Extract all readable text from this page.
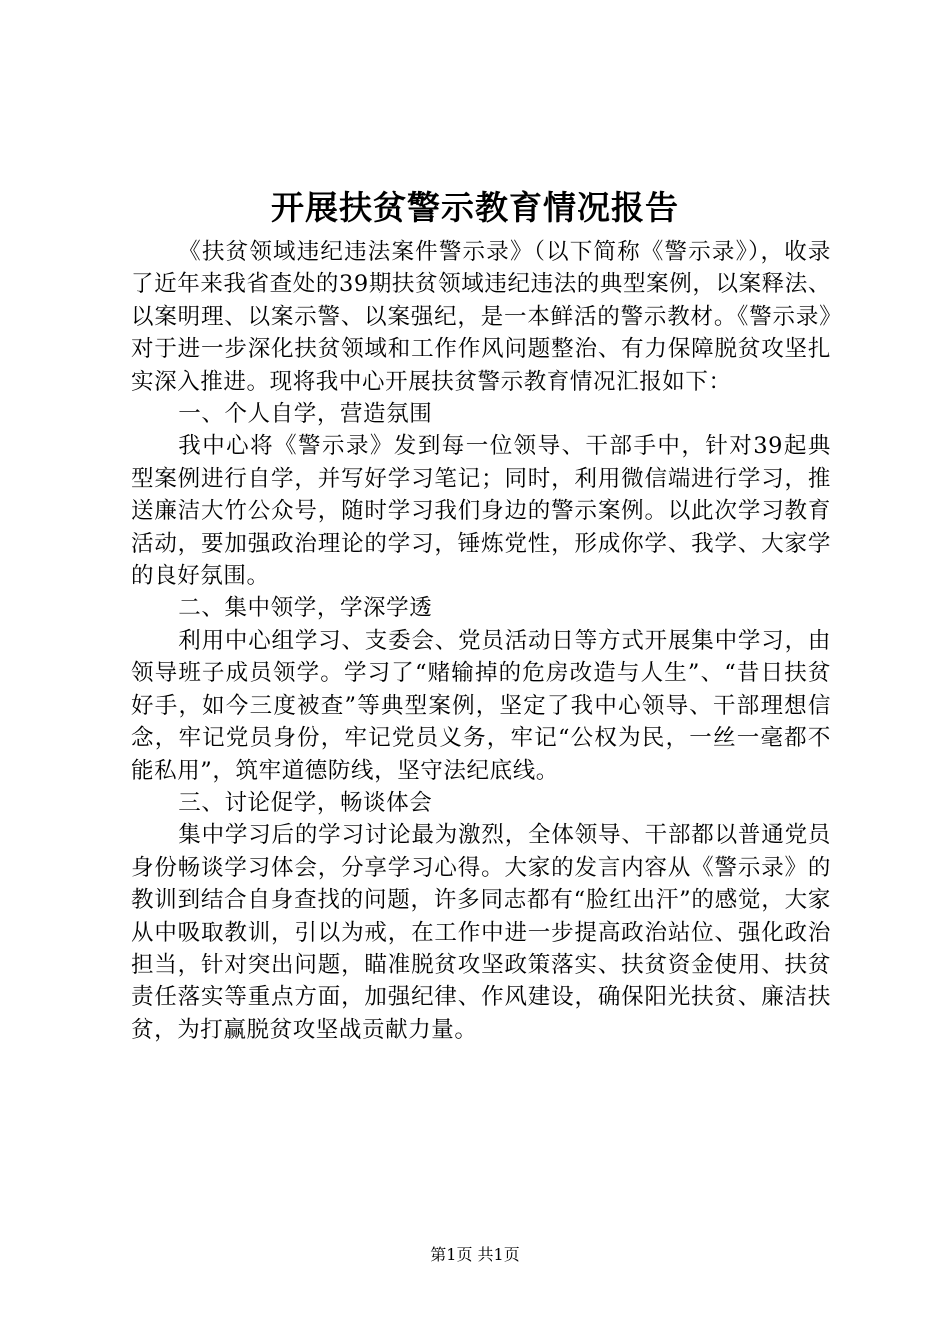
开展扶贫警示教育情况报告

《扶贫领域违纪违法案件警示录》（以下简称《警示录》），收录了近年来我省查处的39期扶贫领域违纪违法的典型案例，以案释法、以案明理、以案示警、以案强纪，是一本鲜活的警示教材。《警示录》对于进一步深化扶贫领域和工作作风问题整治、有力保障脱贫攻坚扎实深入推进。现将我中心开展扶贫警示教育情况汇报如下：

一、个人自学，营造氛围

我中心将《警示录》发到每一位领导、干部手中，针对39起典型案例进行自学，并写好学习笔记；同时，利用微信端进行学习，推送廉洁大竹公众号，随时学习我们身边的警示案例。以此次学习教育活动，要加强政治理论的学习，锤炼党性，形成你学、我学、大家学的良好氛围。

二、集中领学，学深学透

利用中心组学习、支委会、党员活动日等方式开展集中学习，由领导班子成员领学。学习了“赌输掉的危房改造与人生”、“昔日扶贫好手，如今三度被查”等典型案例，坚定了我中心领导、干部理想信念，牢记党员身份，牢记党员义务，牢记“公权为民，一丝一毫都不能私用”，筑牢道德防线，坚守法纪底线。

三、讨论促学，畅谈体会

集中学习后的学习讨论最为激烈，全体领导、干部都以普通党员身份畅谈学习体会，分享学习心得。大家的发言内容从《警示录》的教训到结合自身查找的问题，许多同志都有“脸红出汗”的感觉，大家从中吸取教训，引以为戒，在工作中进一步提高政治站位、强化政治担当，针对突出问题，瞄准脱贫攻坚政策落实、扶贫资金使用、扶贫责任落实等重点方面，加强纪律、作风建设，确保阳光扶贫、廉洁扶贫，为打赢脱贫攻坚战贡献力量。

第1页 共1页
